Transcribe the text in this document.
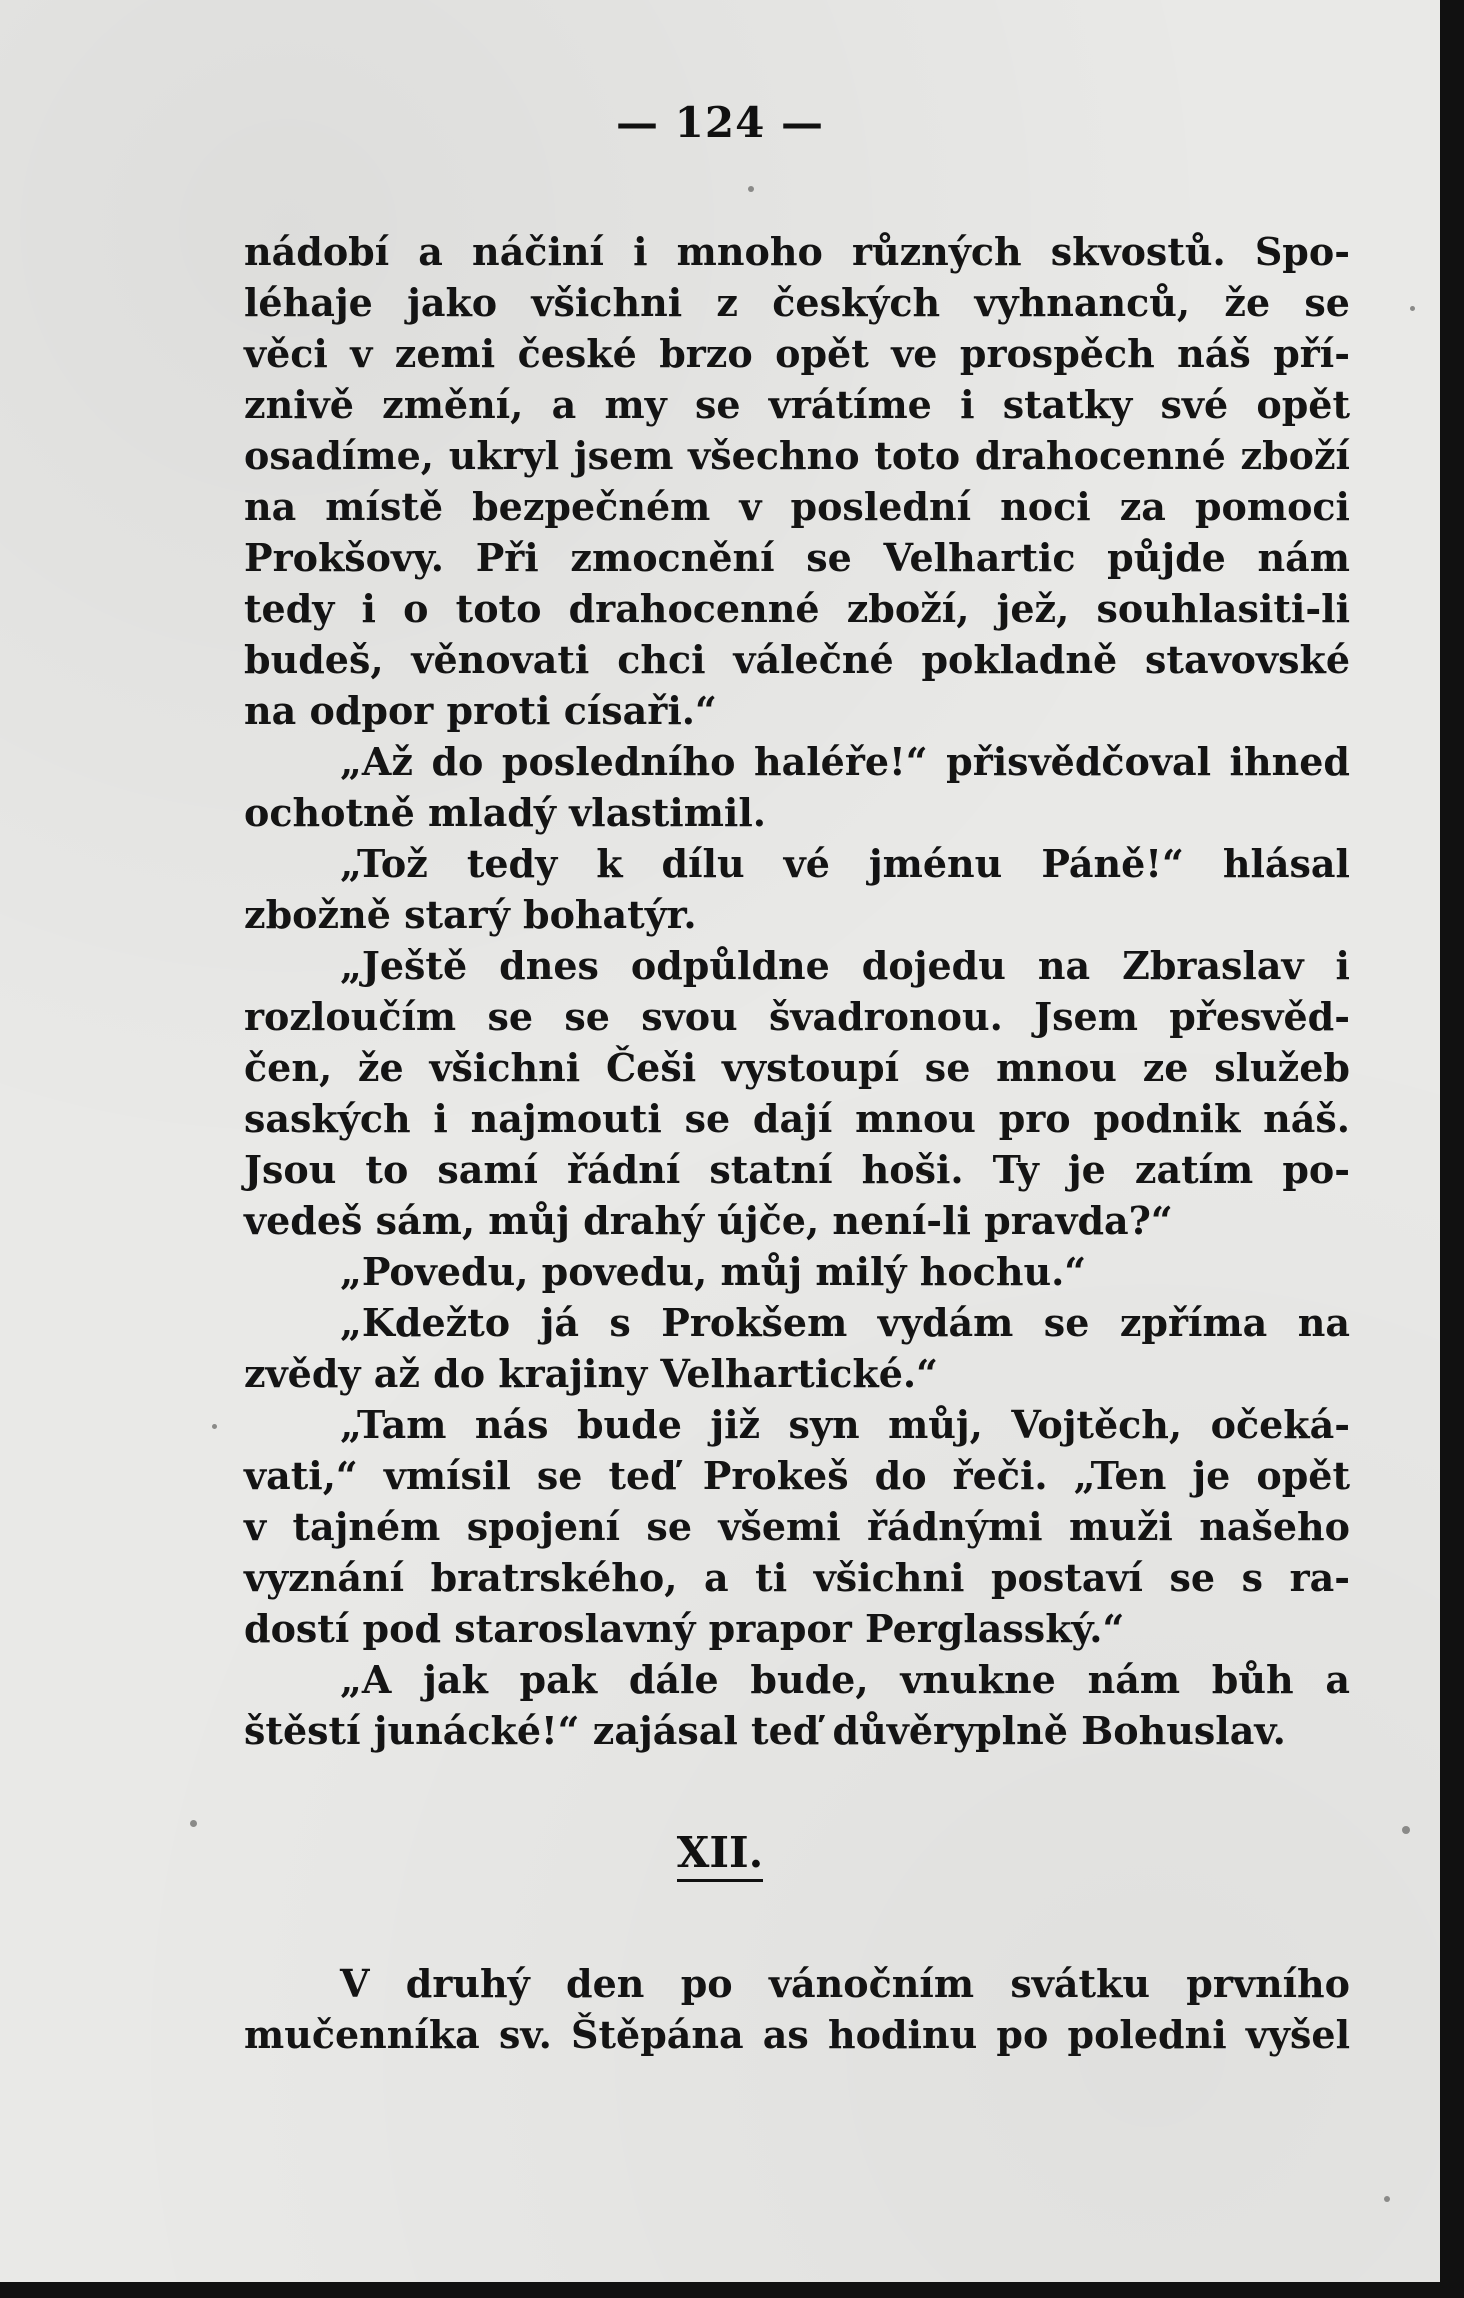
— 124 —
nádobí a náčiní i mnoho různých skvostů. Spo-
léhaje jako všichni z českých vyhnanců, že se
věci v zemi české brzo opět ve prospěch náš pří-
znivě změní, a my se vrátíme i statky své opět
osadíme, ukryl jsem všechno toto drahocenné zboží
na místě bezpečném v poslední noci za pomoci
Prokšovy. Při zmocnění se Velhartic půjde nám
tedy i o toto drahocenné zboží, jež, souhlasiti-li
budeš, věnovati chci válečné pokladně stavovské
na odpor proti císaři.“
„Až do posledního haléře!“ přisvědčoval ihned
ochotně mladý vlastimil.
„Tož tedy k dílu vé jménu Páně!“ hlásal
zbožně starý bohatýr.
„Ještě dnes odpůldne dojedu na Zbraslav i
rozloučím se se svou švadronou. Jsem přesvěd-
čen, že všichni Češi vystoupí se mnou ze služeb
saských i najmouti se dají mnou pro podnik náš.
Jsou to samí řádní statní hoši. Ty je zatím po-
vedeš sám, můj drahý újče, není-li pravda?“
„Povedu, povedu, můj milý hochu.“
„Kdežto já s Prokšem vydám se zpříma na
zvědy až do krajiny Velhartické.“
„Tam nás bude již syn můj, Vojtěch, očeká-
vati,“ vmísil se teď Prokeš do řeči. „Ten je opět
v tajném spojení se všemi řádnými muži našeho
vyznání bratrského, a ti všichni postaví se s ra-
dostí pod staroslavný prapor Perglasský.“
„A jak pak dále bude, vnukne nám bůh a
štěstí junácké!“ zajásal teď důvěryplně Bohuslav.
XII.
V druhý den po vánočním svátku prvního
mučenníka sv. Štěpána as hodinu po poledni vyšel
